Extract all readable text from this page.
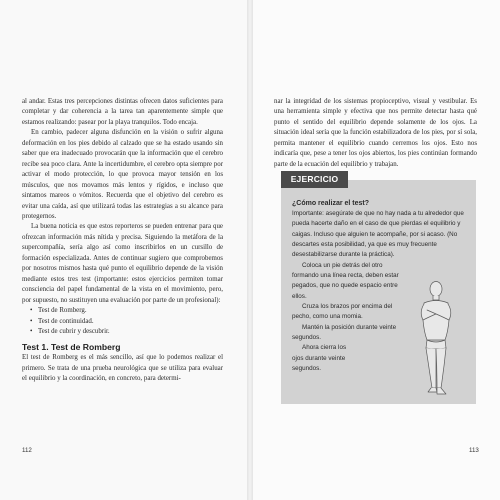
al andar. Estas tres percepciones distintas ofrecen datos suficientes para completar y dar coherencia a la tarea tan aparentemente simple que estamos realizando: pasear por la playa tranquilos. Todo encaja.

En cambio, padecer alguna disfunción en la visión o sufrir alguna deformación en los pies debido al calzado que se ha estado usando sin saber que era inadecuado provocarán que la información que el cerebro recibe sea poco clara. Ante la incertidumbre, el cerebro opta siempre por activar el modo protección, lo que provoca mayor tensión en los músculos, que nos movamos más lentos y rígidos, e incluso que sintamos mareos o vómitos. Recuerda que el objetivo del cerebro es evitar una caída, así que utilizará todas las estrategias a su alcance para protegernos.

La buena noticia es que estos reporteros se pueden entrenar para que ofrezcan información más nítida y precisa. Siguiendo la metáfora de la supercompañía, sería algo así como inscribirlos en un cursillo de formación especializada. Antes de continuar sugiero que comprobemos por nosotros mismos hasta qué punto el equilibrio depende de la visión mediante estos tres test (importante: estos ejercicios permiten tomar consciencia del papel fundamental de la vista en el movimiento, pero, por supuesto, no sustituyen una evaluación por parte de un profesional):

• Test de Romberg.
• Test de continuidad.
• Test de cubrir y descubrir.
Test 1. Test de Romberg

El test de Romberg es el más sencillo, así que lo podemos realizar el primero. Se trata de una prueba neurológica que se utiliza para evaluar el equilibrio y la coordinación, en concreto, para determi-

112

nar la integridad de los sistemas propioceptivo, visual y vestibular. Es una herramienta simple y efectiva que nos permite detectar hasta qué punto el sentido del equilibrio depende solamente de los ojos. La situación ideal sería que la función estabilizadora de los pies, por sí sola, permita mantener el equilibrio cuando cerremos los ojos. Esto nos indicaría que, pese a tener los ojos abiertos, los pies continúan formando parte de la ecuación del equilibrio y trabajan.

¿Cómo realizar el test?

Importante: asegúrate de que no hay nada a tu alrededor que pueda hacerte daño en el caso de que pierdas el equilibrio y caigas. Incluso que alguien te acompañe, por si acaso. (No descartes esta posibilidad, ya que es muy frecuente desestabilizarse durante la práctica).

Coloca un pie detrás del otro formando una línea recta, deben estar pegados, que no quede espacio entre ellos.

Cruza los brazos por encima del pecho, como una momia.

Mantén la posición durante veinte segundos.

Ahora cierra los ojos durante veinte segundos.

EJERCICIO
113
